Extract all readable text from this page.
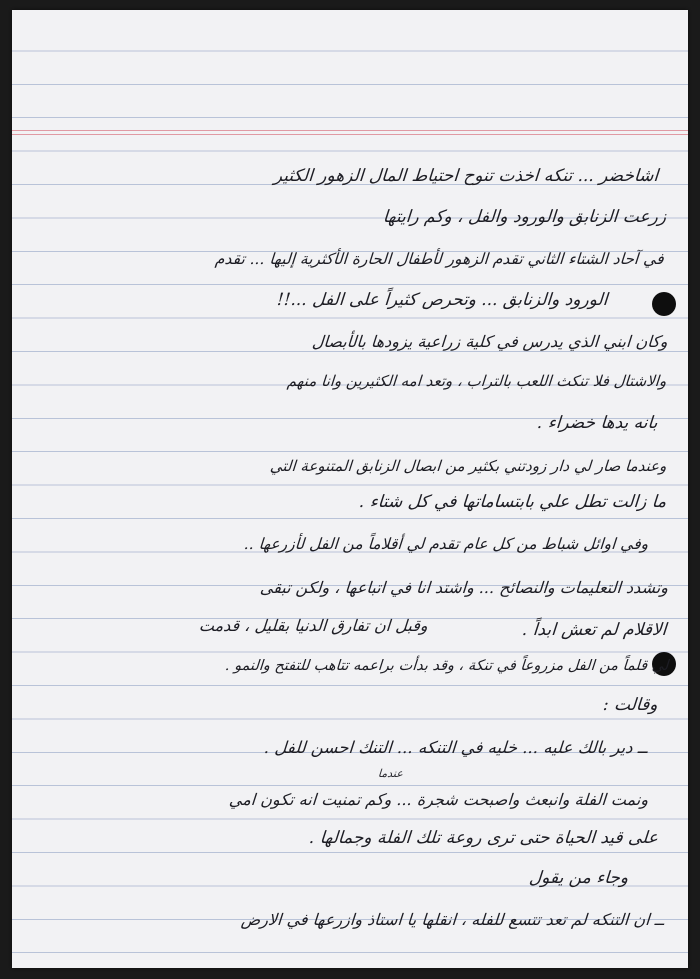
اشاخضر ... تنكه اخذت تنوح احتياط المال الزهور الكثير
زرعت الزنابق والورود والفل ، وكم رايتها
في آحاد الشتاء الثاني تقدم الزهور لأطفال الحارة الأكثرية إليها ... تقدم
الورود والزنابق ... وتحرص كثيراً على الفل ...!!
وكان ابني الذي يدرس في كلية زراعية يزودها بالأبصال
والاشتال فلا تنكث اللعب بالتراب ، وتعد امه الكثيرين وانا منهم
بانه يدها خضراء .
وعندما صار لي دار زودتني بكثير من ابصال الزنابق المتنوعة التي
ما زالت تطل علي بابتساماتها في كل شتاء .
وفي اوائل شباط من كل عام تقدم لي أقلاماً من الفل لأزرعها ..
وتشدد التعليمات والنصائح ... واشتد انا في اتباعها ، ولكن تبقى
الاقلام لم تعش ابداً .
وقبل ان تفارق الدنيا بقليل ، قدمت
لي قلماً من الفل مزروعاً في تنكة ، وقد بدأت براعمه تتاهب للتفتح والنمو .
وقالت :
ــ دير بالك عليه ... خليه في التنكه ... التنك احسن للفل .
ونمت الفلة وانبعث واصبحت شجرة ... وكم تمنيت انه تكون امي
عندما
على قيد الحياة حتى ترى روعة تلك الفلة وجمالها .
وجاء من يقول
ــ ان التنكه لم تعد تتسع للفله ، انقلها يا استاذ وازرعها في الارض
